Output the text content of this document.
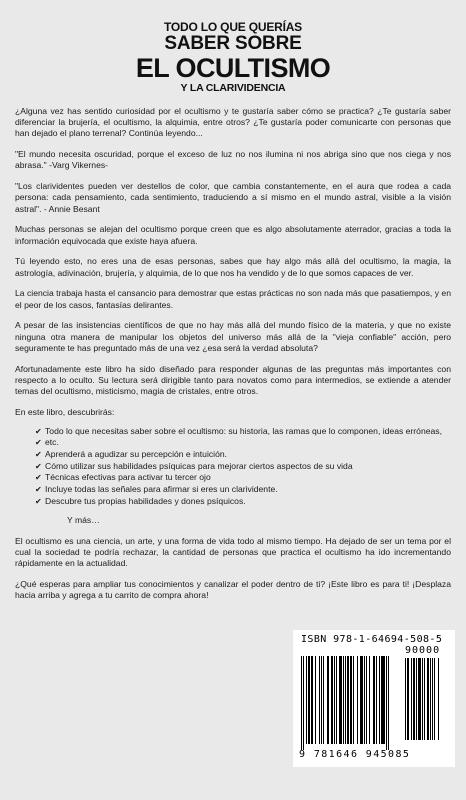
TODO LO QUE QUERÍAS
SABER SOBRE
EL OCULTISMO
Y LA CLARIVIDENCIA

¿Alguna vez has sentido curiosidad por el ocultismo y te gustaría saber cómo se practica? ¿Te gustaría saber diferenciar la brujería, el ocultismo, la alquimia, entre otros? ¿Te gustaría poder comunicarte con personas que han dejado el plano terrenal? Continúa leyendo...

"El mundo necesita oscuridad, porque el exceso de luz no nos ilumina ni nos abriga sino que nos ciega y nos abrasa." -Varg Vikernes-

"Los clarividentes pueden ver destellos de color, que cambia constantemente, en el aura que rodea a cada persona: cada pensamiento, cada sentimiento, traduciendo a sí mismo en el mundo astral, visible a la visión astral". - Annie Besant

Muchas personas se alejan del ocultismo porque creen que es algo absolutamente aterrador, gracias a toda la información equivocada que existe haya afuera.

Tú leyendo esto, no eres una de esas personas, sabes que hay algo más allá del ocultismo, la magia, la astrología, adivinación, brujería, y alquimia, de lo que nos ha vendido y de lo que somos capaces de ver.

La ciencia trabaja hasta el cansancio para demostrar que estas prácticas no son nada más que pasatiempos, y en el peor de los casos, fantasías delirantes.

A pesar de las insistencias científicos de que no hay más allá del mundo físico de la materia, y que no existe ninguna otra manera de manipular los objetos del universo más allá de la "vieja confiable" acción, pero seguramente te has preguntado más de una vez ¿esa será la verdad absoluta?

Afortunadamente este libro ha sido diseñado para responder algunas de las preguntas más importantes con respecto a lo oculto. Su lectura será dirigible tanto para novatos como para intermedios, se extiende a atender temas del ocultismo, misticismo, magia de cristales, entre otros.

En este libro, descubrirás:

✔ Todo lo que necesitas saber sobre el ocultismo: su historia, las ramas que lo componen, ideas erróneas,
✔ etc.
✔ Aprenderá a agudizar su percepción e intuición.
✔ Cómo utilizar sus habilidades psíquicas para mejorar ciertos aspectos de su vida
✔ Técnicas efectivas para activar tu tercer ojo
✔ Incluye todas las señales para afirmar si eres un clarividente.
✔ Descubre tus propias habilidades y dones psíquicos.

Y más…

El ocultismo es una ciencia, un arte, y una forma de vida todo al mismo tiempo. Ha dejado de ser un tema por el cual la sociedad te podría rechazar, la cantidad de personas que practica el ocultismo ha ido incrementando rápidamente en la actualidad.

¿Qué esperas para ampliar tus conocimientos y canalizar el poder dentro de ti? ¡Este libro es para ti! ¡Desplaza hacia arriba y agrega a tu carrito de compra ahora!

ISBN 978-1-64694-508-5
90000
9 781646 945085
